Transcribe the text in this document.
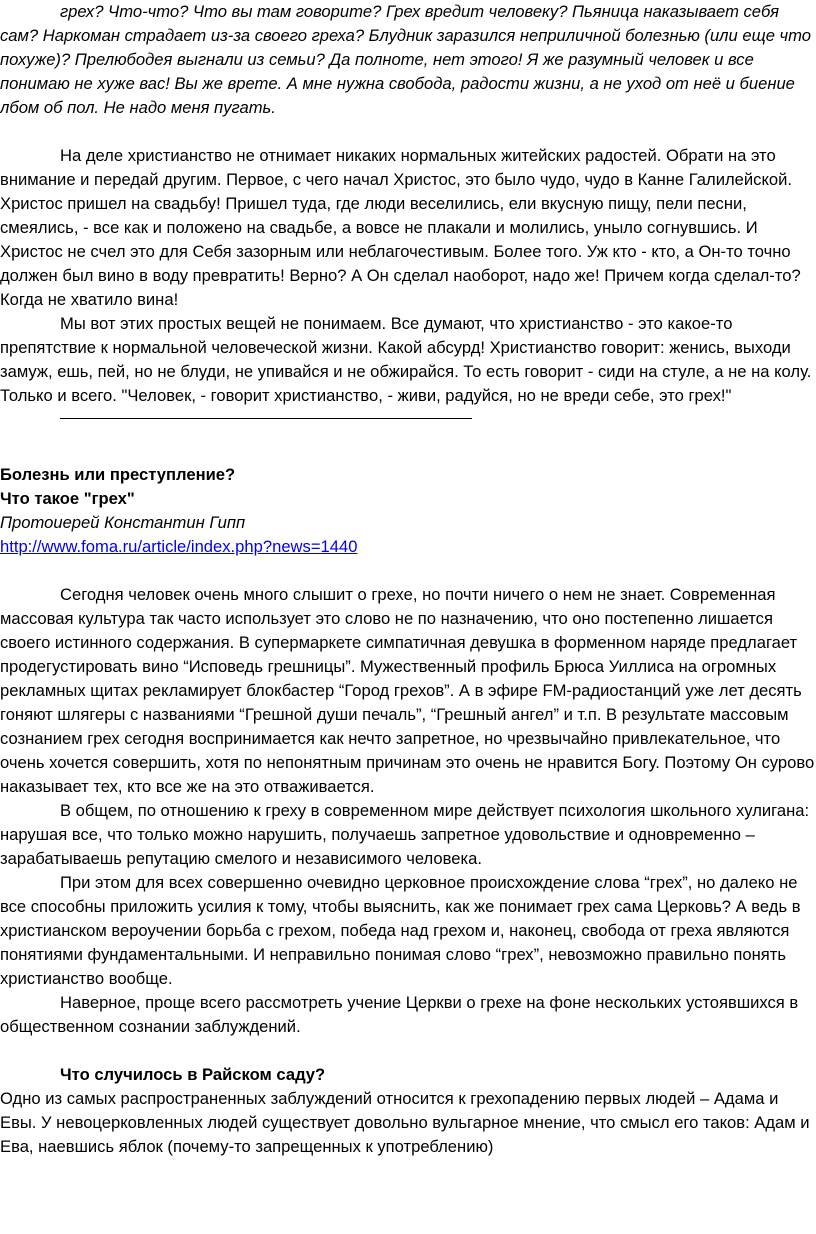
грех? Что-что? Что вы там говорите? Грех вредит человеку? Пьяница наказывает себя сам? Наркоман страдает из-за своего греха? Блудник заразился неприличной болезнью (или еще что похуже)? Прелюбодея выгнали из семьи? Да полноте, нет этого! Я же разумный человек и все понимаю не хуже вас! Вы же врете. А мне нужна свобода, радости жизни, а не уход от неё и биение лбом об пол. Не надо меня пугать.

На деле христианство не отнимает никаких нормальных житейских радостей. Обрати на это внимание и передай другим. Первое, с чего начал Христос, это было чудо, чудо в Канне Галилейской. Христос пришел на свадьбу! Пришел туда, где люди веселились, ели вкусную пищу, пели песни, смеялись, - все как и положено на свадьбе, а вовсе не плакали и молились, уныло согнувшись. И Христос не счел это для Себя зазорным или неблагочестивым. Более того. Уж кто - кто, а Он-то точно должен был вино в воду превратить! Верно? А Он сделал наоборот, надо же! Причем когда сделал-то? Когда не хватило вина!

Мы вот этих простых вещей не понимаем. Все думают, что христианство - это какое-то препятствие к нормальной человеческой жизни. Какой абсурд! Христианство говорит: женись, выходи замуж, ешь, пей, но не блуди, не упивайся и не обжирайся. То есть говорит - сиди на стуле, а не на колу. Только и всего. "Человек, - говорит христианство, - живи, радуйся, но не вреди себе, это грех!"

Болезнь или преступление?

Что такое "грех"

Протоиерей Константин Гипп

http://www.foma.ru/article/index.php?news=1440

Сегодня человек очень много слышит о грехе, но почти ничего о нем не знает. Современная массовая культура так часто использует это слово не по назначению, что оно постепенно лишается своего истинного содержания. В супермаркете симпатичная девушка в форменном наряде предлагает продегустировать вино “Исповедь грешницы”. Мужественный профиль Брюса Уиллиса на огромных рекламных щитах рекламирует блокбастер “Город грехов”. А в эфире FM-радиостанций уже лет десять гоняют шлягеры с названиями “Грешной души печаль”, “Грешный ангел” и т.п. В результате массовым сознанием грех сегодня воспринимается как нечто запретное, но чрезвычайно привлекательное, что очень хочется совершить, хотя по непонятным причинам это очень не нравится Богу. Поэтому Он сурово наказывает тех, кто все же на это отваживается.

В общем, по отношению к греху в современном мире действует психология школьного хулигана: нарушая все, что только можно нарушить, получаешь запретное удовольствие и одновременно – зарабатываешь репутацию смелого и независимого человека.

При этом для всех совершенно очевидно церковное происхождение слова “грех”, но далеко не все способны приложить усилия к тому, чтобы выяснить, как же понимает грех сама Церковь? А ведь в христианском вероучении борьба с грехом, победа над грехом и, наконец, свобода от греха являются понятиями фундаментальными. И неправильно понимая слово “грех”, невозможно правильно понять христианство вообще.

Наверное, проще всего рассмотреть учение Церкви о грехе на фоне нескольких устоявшихся в общественном сознании заблуждений.

Что случилось в Райском саду?

Одно из самых распространенных заблуждений относится к грехопадению первых людей – Адама и Евы. У невоцерковленных людей существует довольно вульгарное мнение, что смысл его таков: Адам и Ева, наевшись яблок (почему-то запрещенных к употреблению)
